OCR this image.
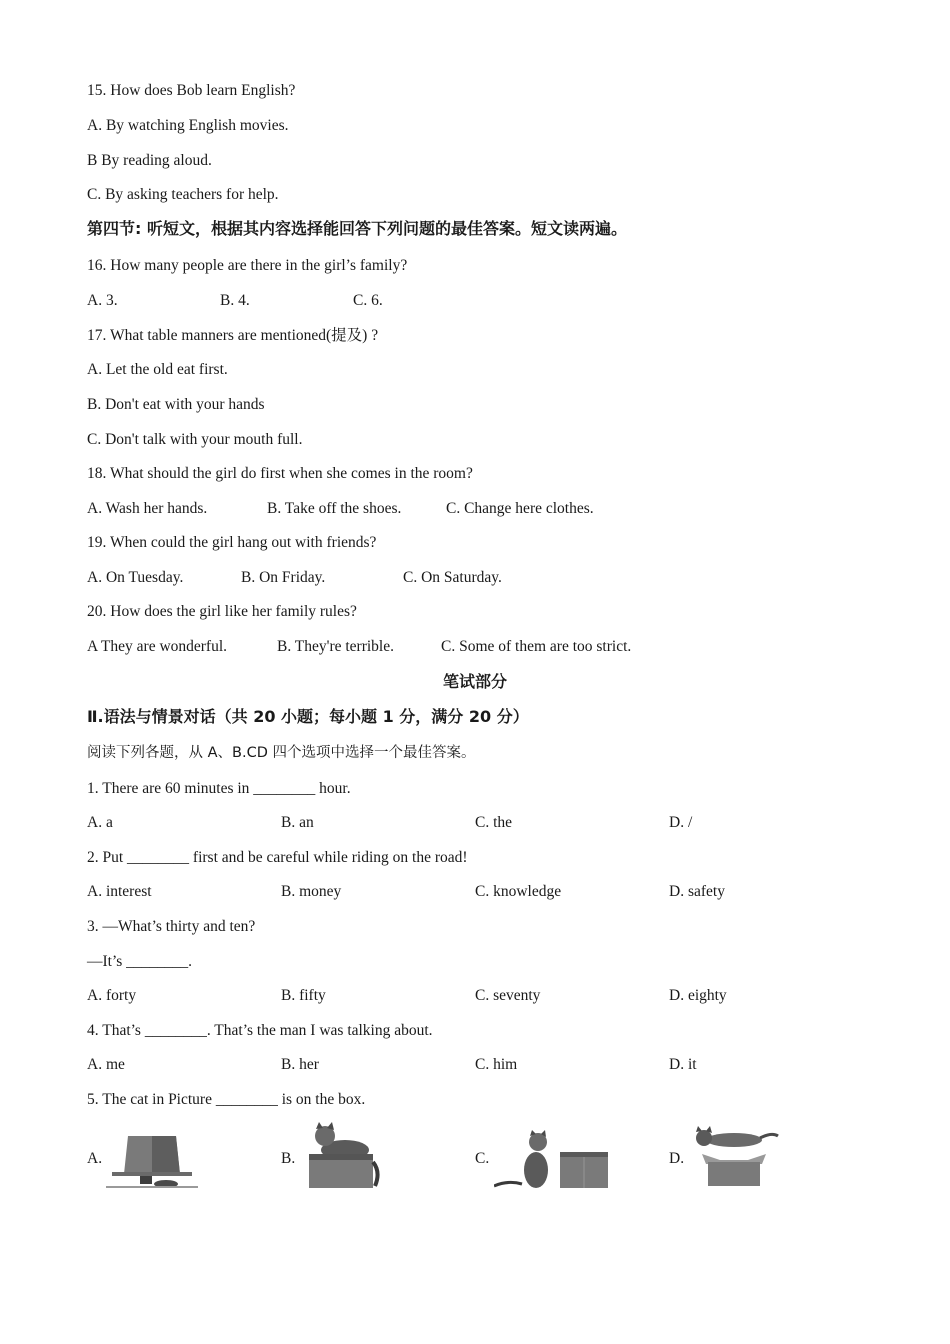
15. How does Bob learn English?
A. By watching English movies.
B By reading aloud.
C. By asking teachers for help.
第四节: 听短文，根据其内容选择能回答下列问题的最佳答案。短文读两遍。
16. How many people are there in the girl’s family?
A. 3.	B. 4.	C. 6.
17. What table manners are mentioned(提及) ?
A. Let the old eat first.
B. Don't eat with your hands
C. Don't talk with your mouth full.
18. What should the girl do first when she comes in the room?
A. Wash her hands.	B. Take off the shoes.	C. Change here clothes.
19. When could the girl hang out with friends?
A. On Tuesday.	B. On Friday.	C. On Saturday.
20. How does the girl like her family rules?
A They are wonderful.	B. They're terrible.	C. Some of them are too strict.
笔试部分
Ⅱ.语法与情景对话（共 20 小题；每小题 1 分，满分 20 分）
阅读下列各题，从 A、B.CD 四个选项中选择一个最佳答案。
1. There are 60 minutes in ________ hour.
A. a	B. an	C. the	D. /
2. Put ________ first and be careful while riding on the road!
A. interest	B. money	C. knowledge	D. safety
3. —What’s thirty and ten?
—It’s ________.
A. forty	B. fifty	C. seventy	D. eighty
4. That’s ________. That’s the man I was talking about.
A. me	B. her	C. him	D. it
5. The cat in Picture ________ is on the box.
A.	B.	C.	D.
